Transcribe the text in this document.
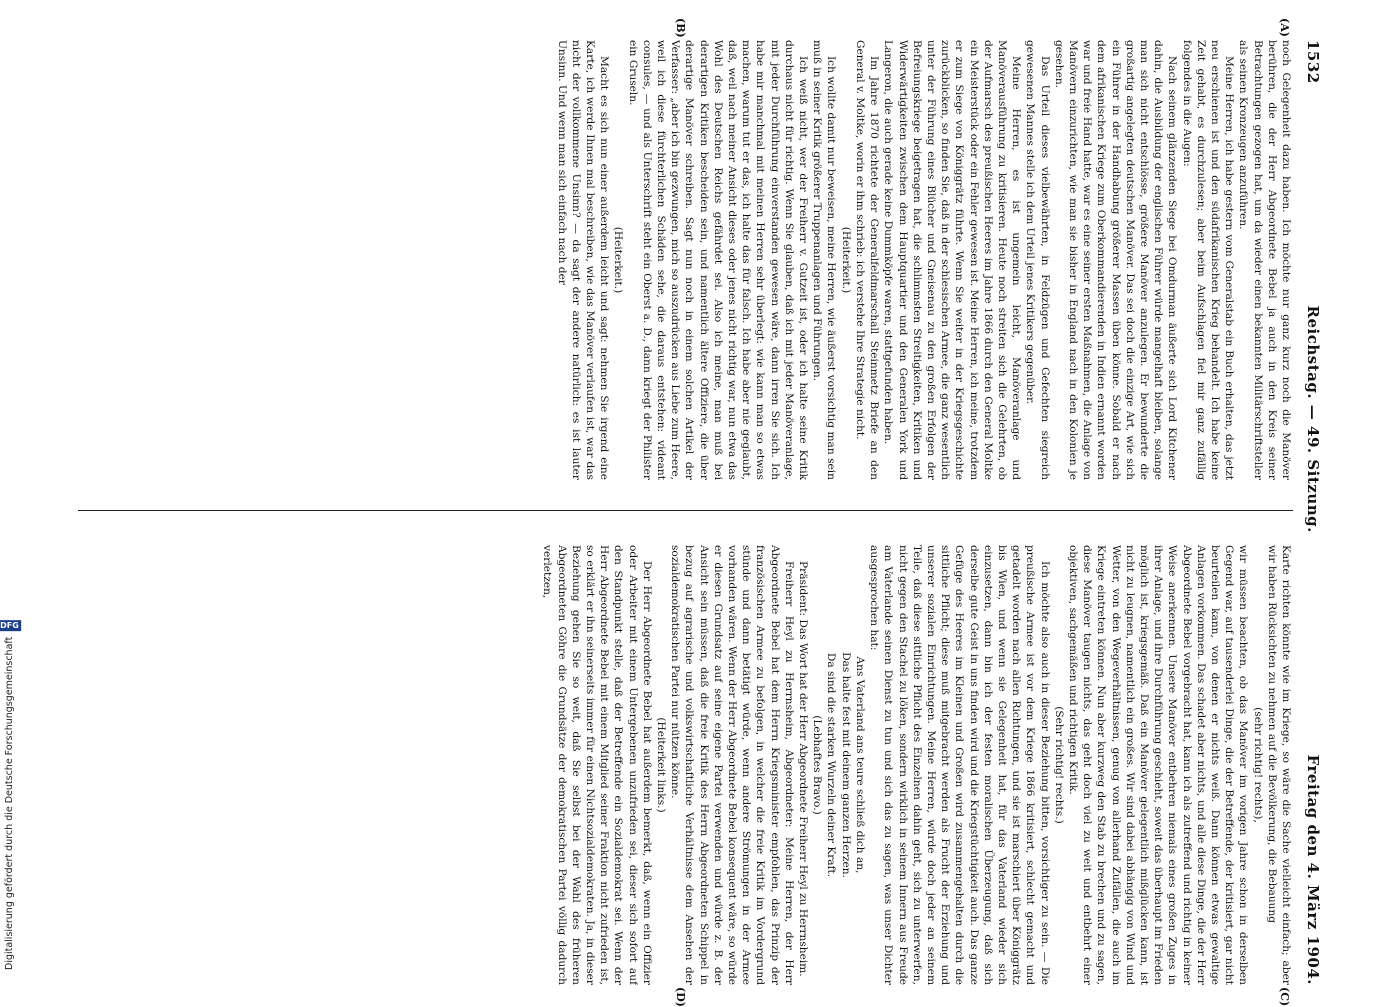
Digitalisierung gefördert durch die Deutsche Forschungsgemeinschaft
DFG
1532
Reichstag. — 49. Sitzung.
Freitag den 4. März 1904.
(A)
(B)
(C)
(D)

noch Gelegenheit dazu haben. Ich möchte nur ganz kurz noch die Manöver berühren, die der Herr Abgeordnete Bebel ja auch in den Kreis seiner Betrachtungen gezogen hat, um da wieder einen bekannten Militärschriftsteller als seinen Kronzeugen anzuführen.

Meine Herren, ich habe gestern vom Generalstab ein Buch erhalten, das jetzt neu erschienen ist und den südafrikanischen Krieg behandelt. Ich habe keine Zeit gehabt, es durchzulesen; aber beim Aufschlagen fiel mir ganz zufällig folgendes in die Augen:

Nach seinem glänzenden Siege bei Omdurman äußerte sich Lord Kitchener dahin, die Ausbildung der englischen Führer würde mangelhaft bleiben, solange man sich nicht entschlösse, größere Manöver anzulegen. Er bewunderte die großartig angelegten deutschen Manöver. Das sei doch die einzige Art, wie sich ein Führer in der Handhabung größerer Massen üben könne. Sobald er nach dem afrikanischen Kriege zum Oberkommandierenden in Indien ernannt worden war und freie Hand hatte, war es eine seiner ersten Maßnahmen, die Anlage von Manövern einzurichten, wie man sie bisher in England nach in den Kolonien je gesehen.

Das Urteil dieses vielbewährten, in Feldzügen und Gefechten siegreich gewesenen Mannes stelle ich dem Urteil jenes Kritikers gegenüber.

Meine Herren, es ist ungemein leicht, Manöveranlage und Manöverausführung zu kritisieren. Heute noch streiten sich die Gelehrten, ob der Aufmarsch des preußischen Heeres im Jahre 1866 durch den General Moltke ein Meisterstück oder ein Fehler gewesen ist. Meine Herren, ich meine, trotzdem er zum Siege von Königgrätz führte. Wenn Sie weiter in der Kriegsgeschichte zurückblicken, so finden Sie, daß in der schlesischen Armee, die ganz wesentlich unter der Führung eines Blücher und Gneisenau zu den großen Erfolgen der Befreiungskriege beigetragen hat, die schlimmsten Streitigkeiten, Kritiken und Widerwärtigkeiten zwischen dem Hauptquartier und den Generalen York und Langeron, die auch gerade keine Dummköpfe waren, stattgefunden haben.

Im Jahre 1870 richtete der Generalfeldmarschall Steinmetz Briefe an den General v. Moltke, worin er ihm schrieb: ich verstehe Ihre Strategie nicht.

(Heiterkeit.)

Ich wollte damit nur beweisen, meine Herren, wie äußerst vorsichtig man sein muß in seiner Kritik größerer Truppenanlagen und Führungen.

Ich weiß nicht, wer der Freiherr v. Gutzeit ist, oder ich halte seine Kritik durchaus nicht für richtig. Wenn Sie glauben, daß ich mit jeder Manöveranlage, mit jeder Durchführung einverstanden gewesen wäre, dann irren Sie sich. Ich habe mir manchmal mit meinen Herren sehr überlegt: wie kann man so etwas machen, warum tut er das, ich halte das für falsch. Ich habe aber nie geglaubt, daß, weil nach meiner Ansicht dieses oder jenes nicht richtig war, nun etwa das Wohl des Deutschen Reichs gefährdet sei. Also ich meine, man muß bei derartigen Kritiken bescheiden sein, und namentlich ältere Offiziere, die über derartige Manöver schreiben. Sagt nun noch in einem solchen Artikel der Verfasser: „aber ich bin gezwungen, mich so auszudrücken aus Liebe zum Heere, weil ich diese fürchterlichen Schäden sehe, die daraus entstehen: videant consules, — und als Unterschrift steht ein Oberst a. D., dann kriegt der Philister ein Gruseln.

(Heiterkeit.)

Macht es sich nun einer außerdem leicht und sagt: nehmen Sie irgend eine Karte, ich werde Ihnen mal beschreiben, wie das Manöver verlaufen ist, war das nicht der vollkommene Unsinn? — da sagt der andere natürlich: es ist lauter Unsinn. Und wenn man sich einfach nach der

Karte richten könnte wie im Kriege, so wäre die Sache vielleicht einfach; aber wir haben Rücksichten zu nehmen auf die Bevölkerung, die Bebauung

(sehr richtig! rechts),

wir müssen beachten, ob das Manöver im vorigen Jahre schon in derselben Gegend war, auf tausenderlei Dinge, die der Betreffende, der kritisiert, gar nicht beurteilen kann, von denen er nichts weiß. Dann können etwas gewaltige Anlagen vorkommen. Das schadet aber nichts, und alle diese Dinge, die der Herr Abgeordnete Bebel vorgebracht hat, kann ich als zutreffend und richtig in keiner Weise anerkennen. Unsere Manöver entbehren niemals eines großen Zuges in ihrer Anlage, und ihre Durchführung geschieht, soweit das überhaupt im Frieden möglich ist, kriegsgemäß. Daß ein Manöver gelegentlich mißglücken kann, ist nicht zu leugnen, namentlich ein großes. Wir sind dabei abhängig von Wind und Wetter, von den Wegeverhältnissen, genug von allerhand Zufällen, die auch im Kriege eintreten können. Nun aber kurzweg den Stab zu brechen und zu sagen, diese Manöver taugen nichts, das geht doch viel zu weit und entbehrt einer objektiven, sachgemäßen und richtigen Kritik.

(Sehr richtig! rechts.)

Ich möchte also auch in dieser Beziehung bitten, vorsichtiger zu sein. — Die preußische Armee ist vor dem Kriege 1866 kritisiert, schlecht gemacht und getadelt worden nach allen Richtungen, und sie ist marschiert über Königgrätz bis Wien, und wenn sie Gelegenheit hat, für das Vaterland wieder sich einzusetzen, dann bin ich der festen moralischen Überzeugung, daß sich derselbe gute Geist in uns finden wird und die Kriegstüchtigkeit auch. Das ganze Gefüge des Heeres im Kleinen und Großen wird zusammengehalten durch die sittliche Pflicht; diese muß mitgebracht werden als Frucht der Erziehung und unserer sozialen Einrichtungen. Meine Herren, würde doch jeder an seinem Teile, daß diese sittliche Pflicht des Einzelnen dahin geht, sich zu unterwerfen, nicht gegen den Stachel zu löken, sondern wirklich in seinem Innern aus Freude am Vaterlande seinen Dienst zu tun und sich das zu sagen, was unser Dichter ausgesprochen hat:

Ans Vaterland ans teure schließ dich an,

Das halte fest mit deinem ganzen Herzen.

Da sind die starken Wurzeln deiner Kraft.

(Lebhaftes Bravo.)

Präsident: Das Wort hat der Herr Abgeordnete Freiherr Heyl zu Herrnsheim.

Freiherr Heyl zu Herrnsheim, Abgeordneter: Meine Herren, der Herr Abgeordnete Bebel hat dem Herrn Kriegsminister empfohlen, das Prinzip der französischen Armee zu befolgen, in welcher die freie Kritik im Vordergrund stünde und dann betätigt würde, wenn andere Strömungen in der Armee vorhanden wären. Wenn der Herr Abgeordnete Bebel konsequent wäre, so würde er diesen Grundsatz auf seine eigene Partei verwenden und würde z. B. der Ansicht sein müssen, daß die freie Kritik des Herrn Abgeordneten Schippel in bezug auf agrarische und volkswirtschaftliche Verhältnisse dem Ansehen der sozialdemokratischen Partei nur nützen könne.

(Heiterkeit links.)

Der Herr Abgeordnete Bebel hat außerdem bemerkt, daß, wenn ein Offizier oder Arbeiter mit einem Untergebenen unzufrieden sei, dieser sich sofort auf den Standpunkt stelle, daß der Betreffende ein Sozialdemokrat sei. Wenn der Herr Abgeordnete Bebel mit einem Mitglied seiner Fraktion nicht zufrieden ist, so erklärt er ihn seinerseits immer für einen Nichtsozialdemokraten. Ja, in dieser Beziehung gehen Sie so weit, daß Sie selbst bei der Wahl des früheren Abgeordneten Göhre die Grundsätze der demokratischen Partei völlig dadurch verletzen,
